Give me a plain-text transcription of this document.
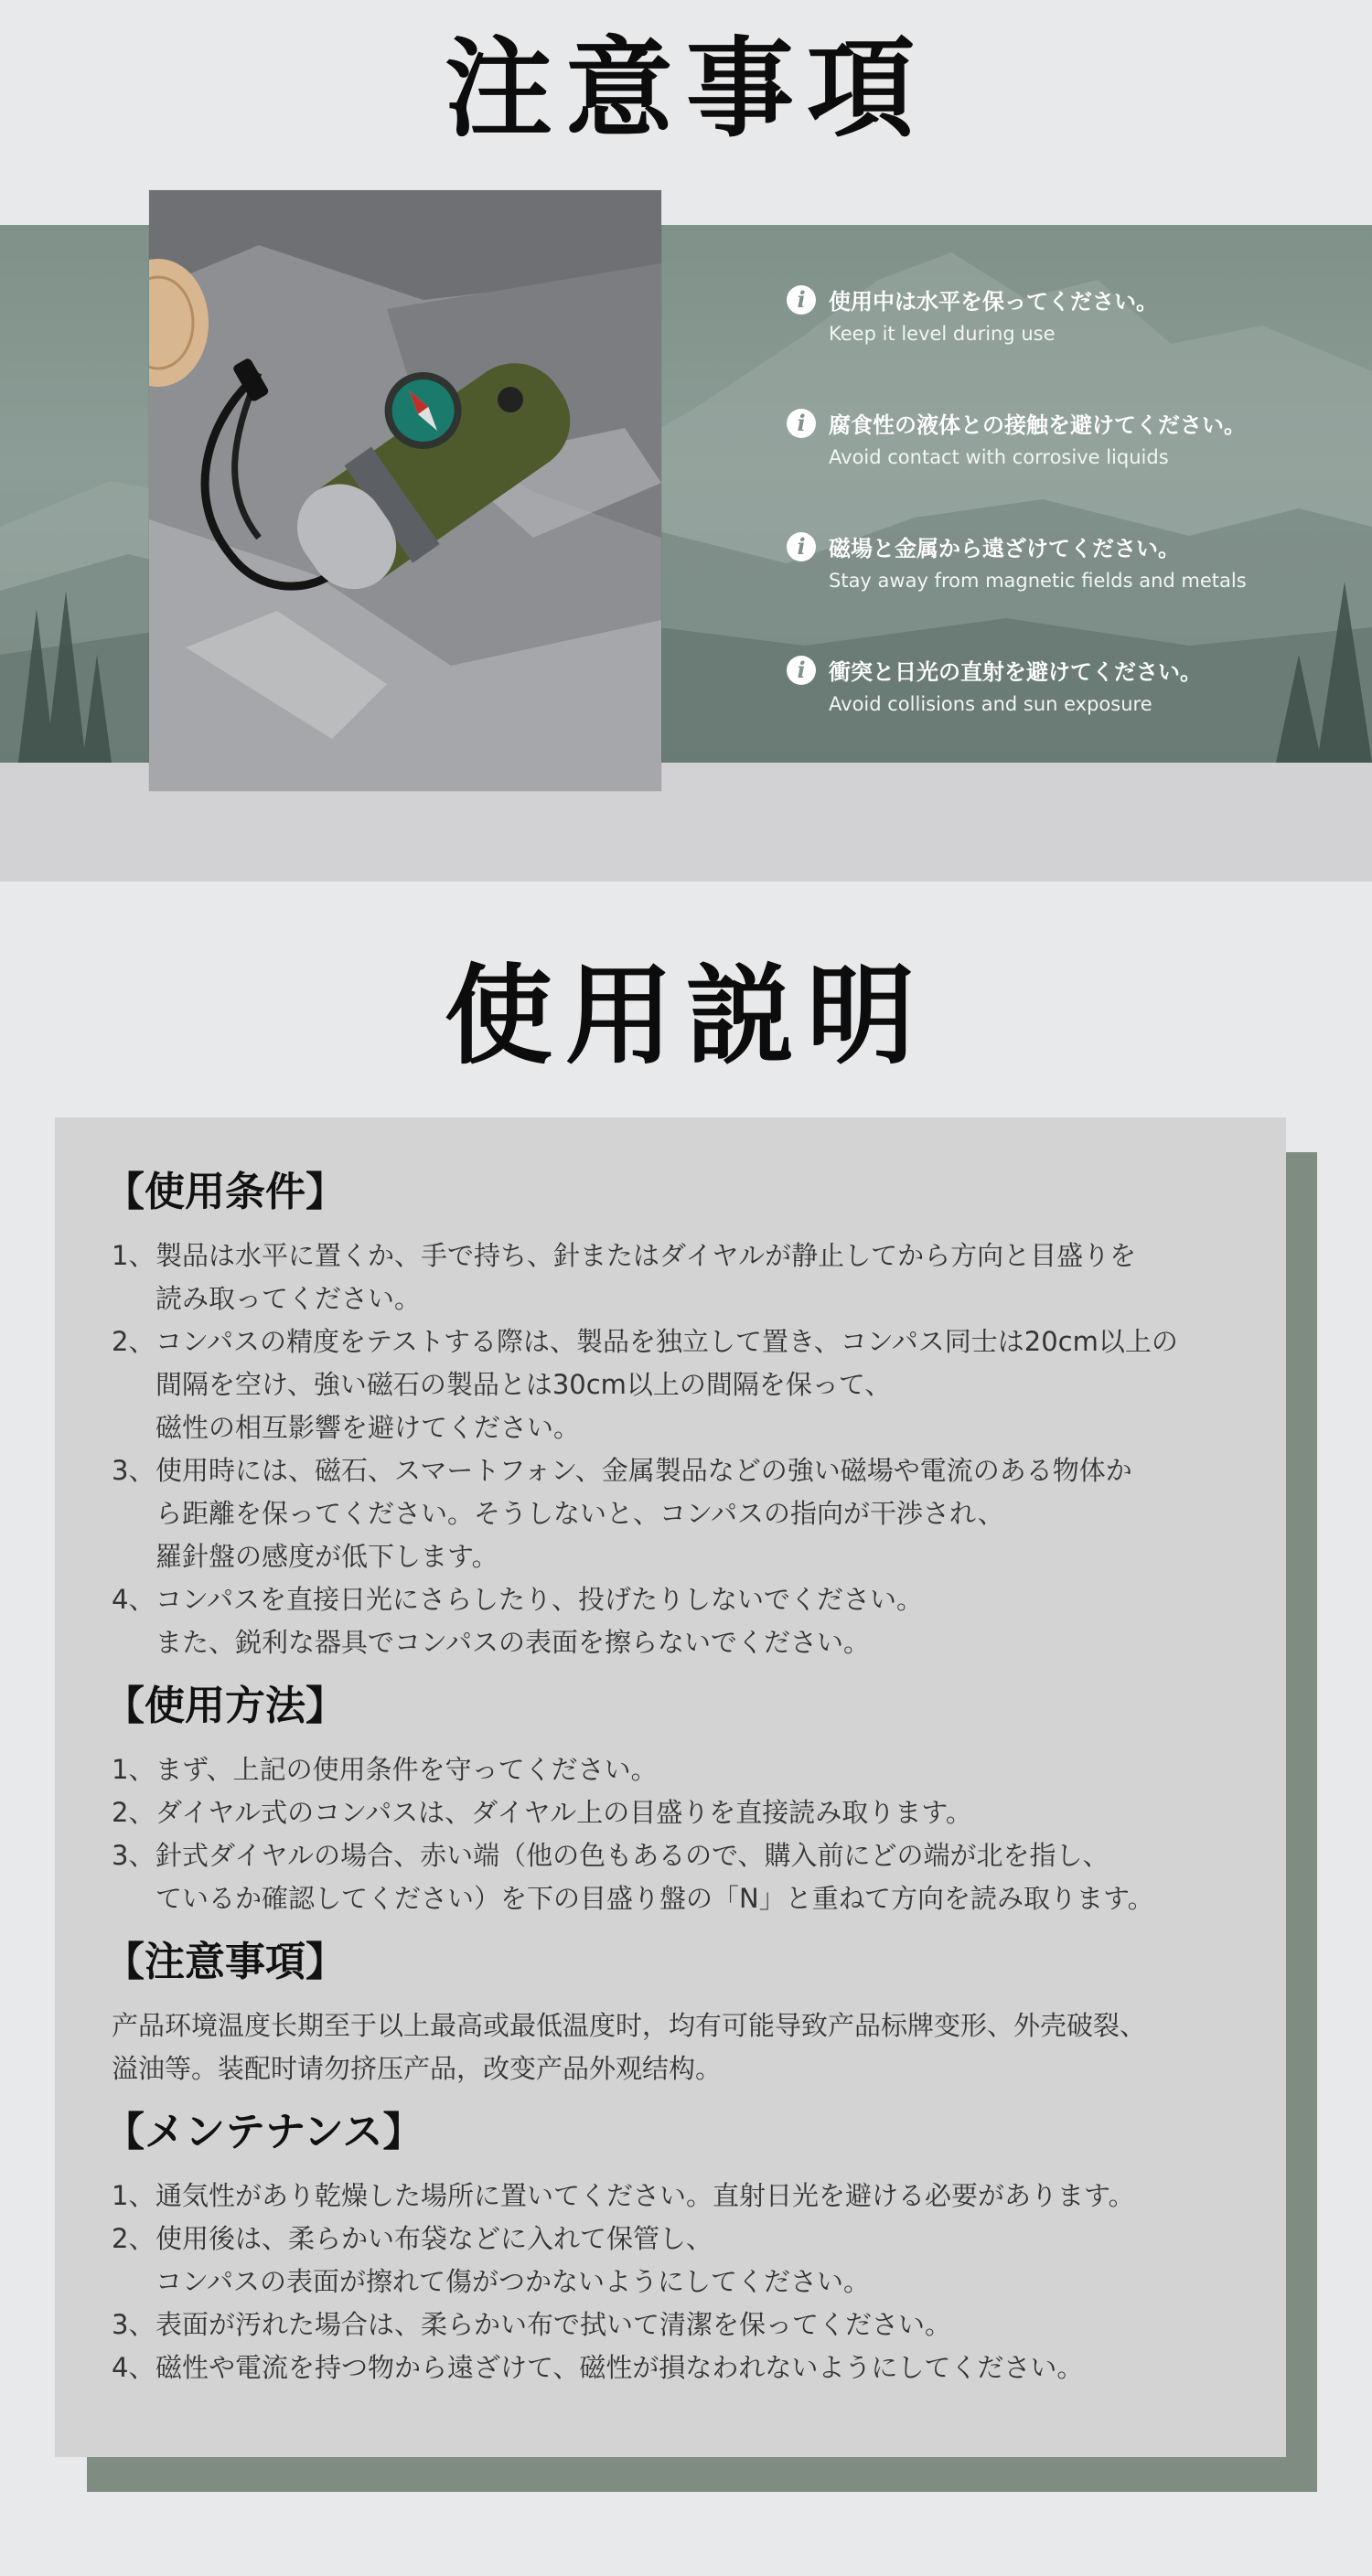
注意事項
i	使用中は水平を保ってください。
Keep it level during use
i	腐食性の液体との接触を避けてください。
Avoid contact with corrosive liquids
i	磁場と金属から遠ざけてください。
Stay away from magnetic fields and metals
i	衝突と日光の直射を避けてください。
Avoid collisions and sun exposure
使用説明
【使用条件】
1、 製品は水平に置くか、手で持ち、針またはダイヤルが静止してから方向と目盛りを
読み取ってください。
2、 コンパスの精度をテストする際は、製品を独立して置き、コンパス同士は20cm以上の
間隔を空け、強い磁石の製品とは30cm以上の間隔を保って、
磁性の相互影響を避けてください。
3、 使用時には、磁石、スマートフォン、金属製品などの強い磁場や電流のある物体か
ら距離を保ってください。そうしないと、コンパスの指向が干渉され、
羅針盤の感度が低下します。
4、 コンパスを直接日光にさらしたり、投げたりしないでください。
また、鋭利な器具でコンパスの表面を擦らないでください。
【使用方法】
1、 まず、上記の使用条件を守ってください。
2、 ダイヤル式のコンパスは、ダイヤル上の目盛りを直接読み取ります。
3、 針式ダイヤルの場合、赤い端（他の色もあるので、購入前にどの端が北を指し、
ているか確認してください）を下の目盛り盤の「N」と重ねて方向を読み取ります。
【注意事項】
产品环境温度长期至于以上最高或最低温度时，均有可能导致产品标牌变形、外壳破裂、
溢油等。装配时请勿挤压产品，改变产品外观结构。
【メンテナンス】
1、 通気性があり乾燥した場所に置いてください。直射日光を避ける必要があります。
2、 使用後は、柔らかい布袋などに入れて保管し、
コンパスの表面が擦れて傷がつかないようにしてください。
3、 表面が汚れた場合は、柔らかい布で拭いて清潔を保ってください。
4、 磁性や電流を持つ物から遠ざけて、磁性が損なわれないようにしてください。
